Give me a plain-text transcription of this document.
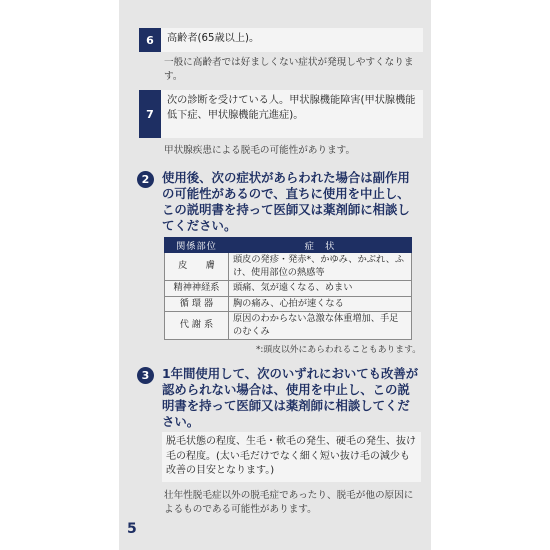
6	高齢者(65歳以上)。
一般に高齢者では好ましくない症状が発現しやすくなります。
7
次の診断を受けている人。甲状腺機能障害(甲状腺機能低下症、甲状腺機能亢進症)。
甲状腺疾患による脱毛の可能性があります。
2	使用後、次の症状があらわれた場合は副作用の可能性があるので、直ちに使用を中止し、この説明書を持って医師又は薬剤師に相談してください。
関係部位	症　状
皮　　膚	頭皮の発疹・発赤*、かゆみ、かぶれ、ふけ、使用部位の熱感等
精神神経系	頭痛、気が遠くなる、めまい
循 環 器	胸の痛み、心拍が速くなる
代 謝 系	原因のわからない急激な体重増加、手足のむくみ
*:頭皮以外にあらわれることもあります。
3	1年間使用して、次のいずれにおいても改善が認められない場合は、使用を中止し、この説明書を持って医師又は薬剤師に相談してください。
脱毛状態の程度、生毛・軟毛の発生、硬毛の発生、抜け毛の程度。(太い毛だけでなく細く短い抜け毛の減少も改善の目安となります。)
壮年性脱毛症以外の脱毛症であったり、脱毛が他の原因によるものである可能性があります。
5
